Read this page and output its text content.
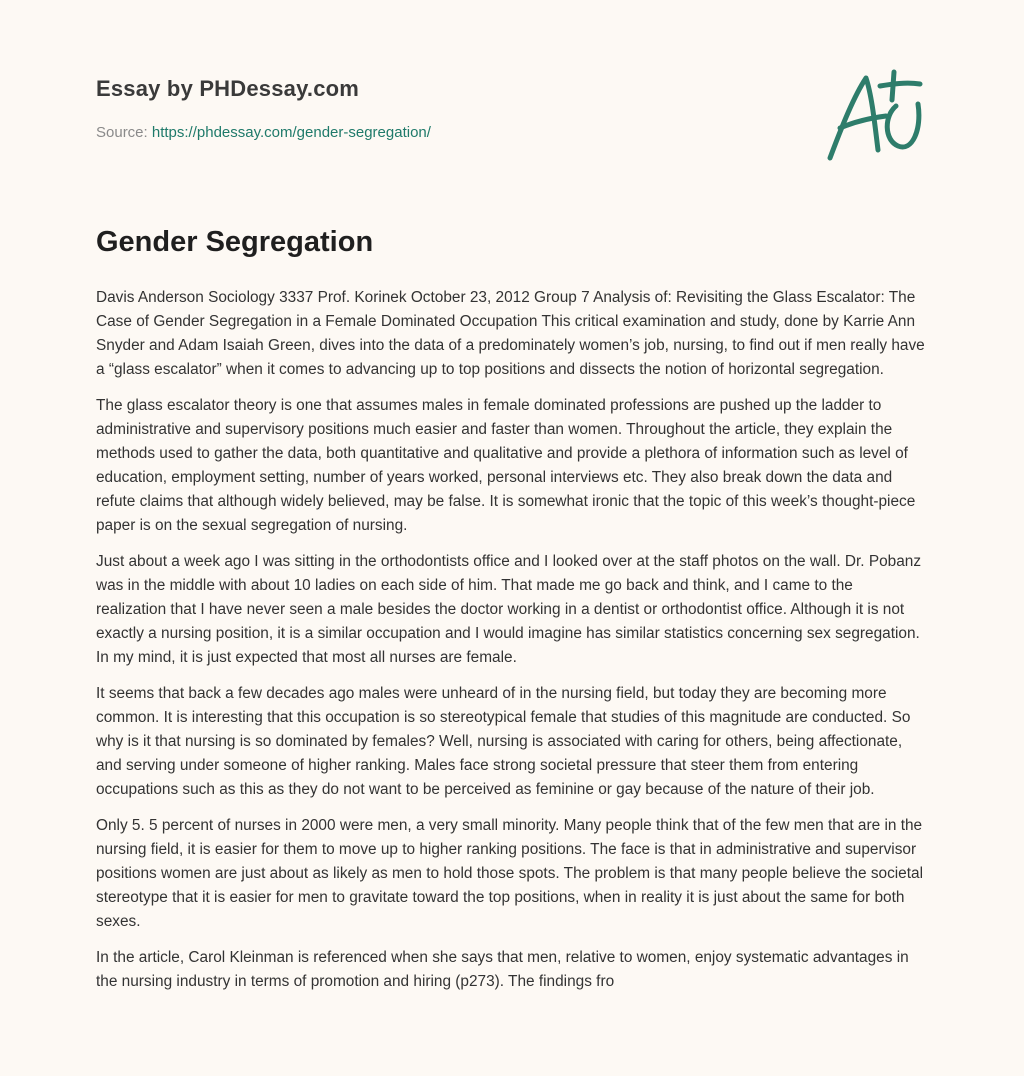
Essay by PHDessay.com
Source: https://phdessay.com/gender-segregation/
Gender Segregation

Davis Anderson Sociology 3337 Prof. Korinek October 23, 2012 Group 7 Analysis of: Revisiting the Glass Escalator: The Case of Gender Segregation in a Female Dominated Occupation This critical examination and study, done by Karrie Ann Snyder and Adam Isaiah Green, dives into the data of a predominately women’s job, nursing, to find out if men really have a “glass escalator” when it comes to advancing up to top positions and dissects the notion of horizontal segregation.

The glass escalator theory is one that assumes males in female dominated professions are pushed up the ladder to administrative and supervisory positions much easier and faster than women. Throughout the article, they explain the methods used to gather the data, both quantitative and qualitative and provide a plethora of information such as level of education, employment setting, number of years worked, personal interviews etc. They also break down the data and refute claims that although widely believed, may be false. It is somewhat ironic that the topic of this week’s thought-piece paper is on the sexual segregation of nursing.

Just about a week ago I was sitting in the orthodontists office and I looked over at the staff photos on the wall. Dr. Pobanz was in the middle with about 10 ladies on each side of him. That made me go back and think, and I came to the realization that I have never seen a male besides the doctor working in a dentist or orthodontist office. Although it is not exactly a nursing position, it is a similar occupation and I would imagine has similar statistics concerning sex segregation. In my mind, it is just expected that most all nurses are female.

It seems that back a few decades ago males were unheard of in the nursing field, but today they are becoming more common. It is interesting that this occupation is so stereotypical female that studies of this magnitude are conducted. So why is it that nursing is so dominated by females? Well, nursing is associated with caring for others, being affectionate, and serving under someone of higher ranking. Males face strong societal pressure that steer them from entering occupations such as this as they do not want to be perceived as feminine or gay because of the nature of their job.

Only 5. 5 percent of nurses in 2000 were men, a very small minority. Many people think that of the few men that are in the nursing field, it is easier for them to move up to higher ranking positions. The face is that in administrative and supervisor positions women are just about as likely as men to hold those spots. The problem is that many people believe the societal stereotype that it is easier for men to gravitate toward the top positions, when in reality it is just about the same for both sexes.

In the article, Carol Kleinman is referenced when she says that men, relative to women, enjoy systematic advantages in the nursing industry in terms of promotion and hiring (p273). The findings fro
